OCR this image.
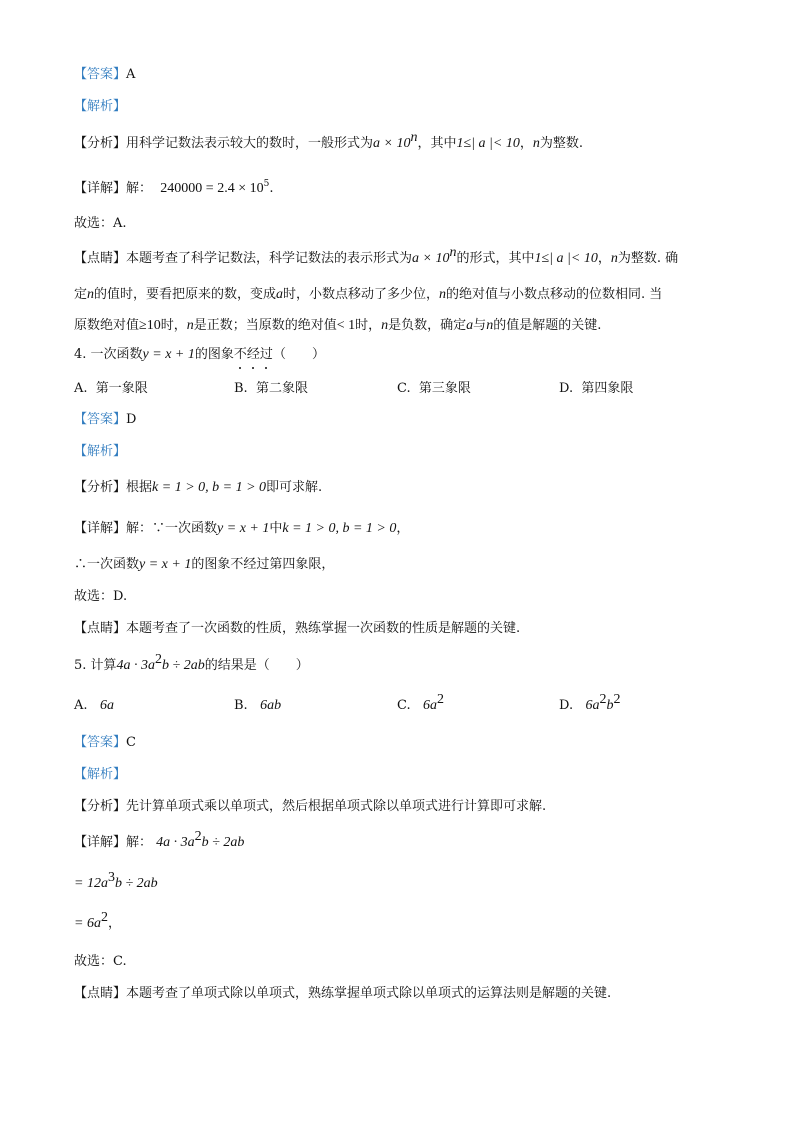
【答案】A
【解析】
【分析】用科学记数法表示较大的数时，一般形式为$a \times 10^n$，其中1≤| a |< 10，n为整数.
【详解】解： $240000 = 2.4 \times 10^5$.
故选：A.
【点睛】本题考查了科学记数法，科学记数法的表示形式为$a \times 10^n$的形式，其中1≤| a |< 10，n为整数. 确
定n的值时，要看把原来的数，变成a时，小数点移动了多少位，n的绝对值与小数点移动的位数相同. 当
原数绝对值≥10时，n是正数；当原数的绝对值< 1时，n是负数，确定a与n的值是解题的关键.
4. 一次函数y = x + 1的图象不经过（　　）
A. 第一象限	B. 第二象限	C. 第三象限	D. 第四象限
【答案】D
【解析】
【分析】根据k = 1 > 0, b = 1 > 0即可求解.
【详解】解：∵一次函数y = x + 1中k = 1 > 0, b = 1 > 0，
∴一次函数y = x + 1的图象不经过第四象限，
故选：D.
【点睛】本题考查了一次函数的性质，熟练掌握一次函数的性质是解题的关键.
5. 计算$4a \cdot 3a^2b \div 2ab$的结果是（　　）
A. 6a	B. 6ab	C. $6a^2$	D. $6a^2b^2$
【答案】C
【解析】
【分析】先计算单项式乘以单项式，然后根据单项式除以单项式进行计算即可求解.
【详解】解： $4a \cdot 3a^2b \div 2ab$
= $12a^3b \div 2ab$
= $6a^2$，
故选：C.
【点睛】本题考查了单项式除以单项式，熟练掌握单项式除以单项式的运算法则是解题的关键.
